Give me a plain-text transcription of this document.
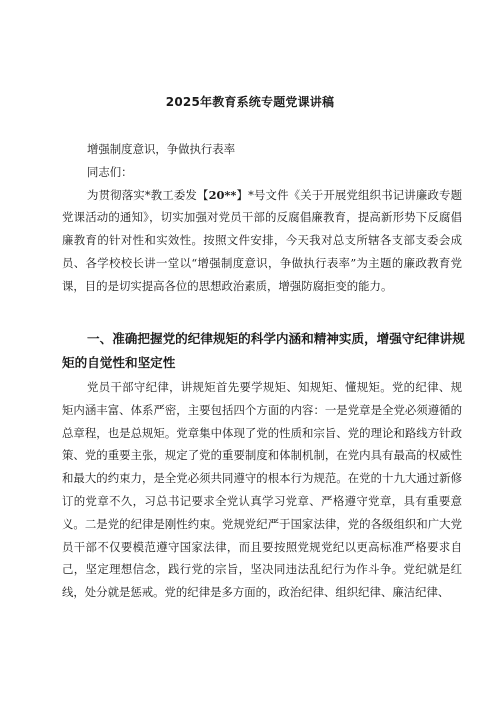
2025年教育系统专题党课讲稿

增强制度意识，争做执行表率

同志们：

为贯彻落实*教工委发【20**】*号文件《关于开展党组织书记讲廉政专题党课活动的通知》，切实加强对党员干部的反腐倡廉教育，提高新形势下反腐倡廉教育的针对性和实效性。按照文件安排，今天我对总支所辖各支部支委会成员、各学校校长讲一堂以“增强制度意识，争做执行表率”为主题的廉政教育党课，目的是切实提高各位的思想政治素质，增强防腐拒变的能力。

一、准确把握党的纪律规矩的科学内涵和精神实质，增强守纪律讲规矩的自觉性和坚定性

党员干部守纪律，讲规矩首先要学规矩、知规矩、懂规矩。党的纪律、规矩内涵丰富、体系严密，主要包括四个方面的内容：一是党章是全党必须遵循的总章程，也是总规矩。党章集中体现了党的性质和宗旨、党的理论和路线方针政策、党的重要主张，规定了党的重要制度和体制机制，在党内具有最高的权威性和最大的约束力，是全党必须共同遵守的根本行为规范。在党的十九大通过新修订的党章不久，习总书记要求全党认真学习党章、严格遵守党章，具有重要意义。二是党的纪律是刚性约束。党规党纪严于国家法律，党的各级组织和广大党员干部不仅要模范遵守国家法律，而且要按照党规党纪以更高标准严格要求自己，坚定理想信念，践行党的宗旨，坚决同违法乱纪行为作斗争。党纪就是红线，处分就是惩戒。党的纪律是多方面的，政治纪律、组织纪律、廉洁纪律、
